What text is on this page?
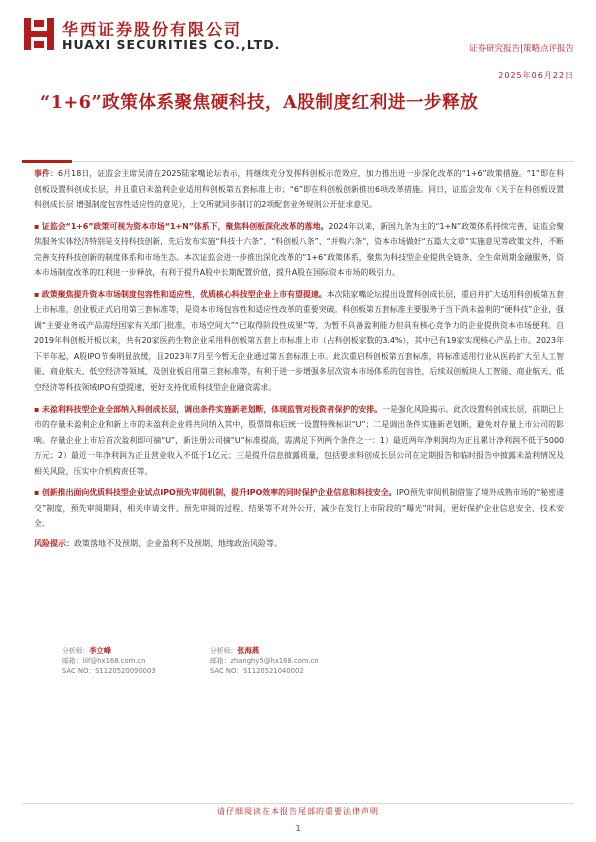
华西证券股份有限公司
HUAXI SECURITIES CO.,LTD.	证券研究报告|策略点评报告
2025年06月22日
“1+6”政策体系聚焦硬科技，A股制度红利进一步释放

事件：6月18日，证监会主席吴清在2025陆家嘴论坛表示，将继续充分发挥科创板示范效应，加力推出进一步深化改革的“1+6”政策措施。“1”即在科创板设置科创成长层，并且重启未盈利企业适用科创板第五套标准上市；“6”即在科创板创新推出6项改革措施。同日，证监会发布《关于在科创板设置科创成长层 增强制度包容性适应性的意见》，上交所就同步制订的2项配套业务规则公开征求意见。

▪ 证监会“1+6”政策可视为资本市场“1+N”体系下，聚焦科创板深化改革的落地。2024年以来，新国九条为主的“1+N”政策体系持续完善，证监会聚焦服务实体经济特别是支持科技创新，先后发布实施“科技十六条”、“科创板八条”、“并购六条”，资本市场做好“五篇大文章”实施意见等政策文件，不断完善支持科技创新的制度体系和市场生态。本次证监会进一步推出深化改革的“1+6”政策体系，聚焦为科技型企业提供全链条、全生命周期金融服务，资本市场制度改革的红利进一步释放，有利于提升A股中长期配置价值，提升A股在国际资本市场的吸引力。

▪ 政策聚焦提升资本市场制度包容性和适应性，优质核心科技型企业上市有望提速。本次陆家嘴论坛提出设置科创成长层，重启并扩大适用科创板第五套上市标准，创业板正式启用第三套标准等，是资本市场包容性和适应性改革的重要突破。科创板第五套标准主要服务于当下尚未盈利的“硬科技”企业，强调“主要业务或产品需经国家有关部门批准，市场空间大”“已取得阶段性成果”等，为暂不具备盈利能力但具有核心竞争力的企业提供资本市场便利。自2019年科创板开板以来，共有20家医药生物企业采用科创板第五套上市标准上市（占科创板家数的3.4%），其中已有19家实现核心产品上市。2023年下半年起，A股IPO节奏明显放缓，且2023年7月至今暂无企业通过第五套标准上市。此次重启科创板第五套标准，将标准适用行业从医药扩大至人工智能、商业航天、低空经济等领域，及创业板启用第三套标准等，有利于进一步增强多层次资本市场体系的包容性，后续双创板块人工智能、商业航天、低空经济等科技领域IPO有望提速，更好支持优质科技型企业融资需求。

▪ 未盈利科技型企业全部纳入科创成长层，调出条件实施新老划断，体现监管对投资者保护的安排。一是强化风险揭示。此次设置科创成长层，前期已上市的存量未盈利企业和新上市的未盈利企业将共同纳入其中，股票简称后统一设置特殊标识“U”；二是调出条件实施新老划断，避免对存量上市公司的影响。存量企业上市后首次盈利即可摘“U”，新注册公司摘“U”标准提高，需满足下列两个条件之一：1）最近两年净利润均为正且累计净利润不低于5000万元；2）最近一年净利润为正且营业收入不低于1亿元；三是提升信息披露质量，包括要求科创成长层公司在定期报告和临时报告中披露未盈利情况及相关风险，压实中介机构责任等。

▪ 创新推出面向优质科技型企业试点IPO预先审阅机制，提升IPO效率的同时保护企业信息和科技安全。IPO预先审阅机制借鉴了境外成熟市场的“秘密递交”制度，预先审阅期间，相关申请文件、预先审阅的过程、结果等不对外公开，减少在发行上市阶段的“曝光”时间，更好保护企业信息安全、技术安全。

风险提示：政策落地不及预期、企业盈利不及预期、地缘政治风险等。

分析师：李立峰
邮箱：lilf@hx168.com.cn
SAC NO：S1120520090003
分析师：张海燕
邮箱：zhanghy5@hx168.com.cn
SAC NO：S1120521040002
请仔细阅读在本报告尾部的重要法律声明
1
